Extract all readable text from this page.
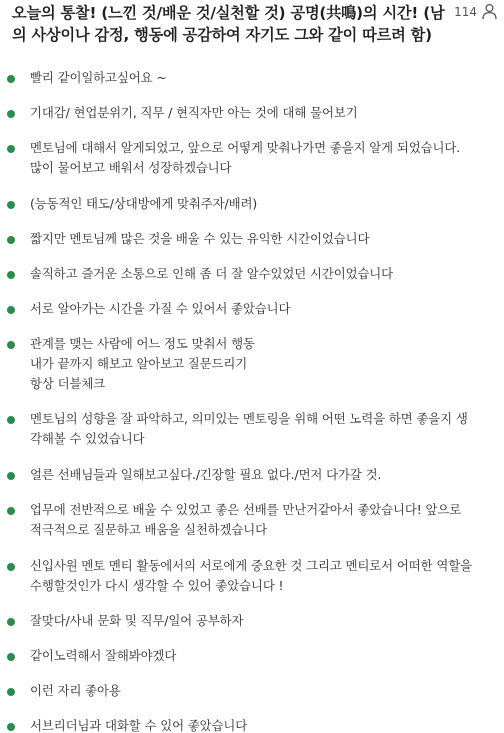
오늘의 통찰! (느낀 것/배운 것/실천할 것) 공명(共鳴)의 시간! (남의 사상이나 감정, 행동에 공감하여 자기도 그와 같이 따르려 함)
114
빨리 같이일하고싶어요 ~
기대감/ 현업분위기, 직무 / 현직자만 아는 것에 대해 물어보기
멘토님에 대해서 알게되었고, 앞으로 어떻게 맞춰나가면 좋을지 알게 되었습니다. 많이 물어보고 배워서 성장하겠습니다
(능동적인 태도/상대방에게 맞춰주자/배려)
짧지만 멘토님께 많은 것을 배울 수 있는 유익한 시간이었습니다
솔직하고 즐거운 소통으로 인해 좀 더 잘 알수있었던 시간이었습니다
서로 알아가는 시간을 가질 수 있어서 좋았습니다
관계를 맺는 사람에 어느 정도 맞춰서 행동
내가 끝까지 해보고 알아보고 질문드리기
항상 더블체크
멘토님의 성향을 잘 파악하고, 의미있는 멘토링을 위해 어떤 노력을 하면 좋을지 생각해볼 수 있었습니다
얼른 선배님들과 일해보고싶다./긴장할 필요 없다./먼저 다가갈 것.
업무에 전반적으로 배울 수 있었고 좋은 선배를 만난거같아서 좋았습니다! 앞으로 적극적으로 질문하고 배움을 실천하겠습니다
신입사원 멘토 멘티 활동에서의 서로에게 중요한 것 그리고 멘티로서 어떠한 역할을 수행할것인가 다시 생각할 수 있어 좋았습니다 !
잘맞다/사내 문화 및 직무/일어 공부하자
같이노력해서 잘해봐야겠다
이런 자리 좋아용
서브리더님과 대화할 수 있어 좋았습니다
